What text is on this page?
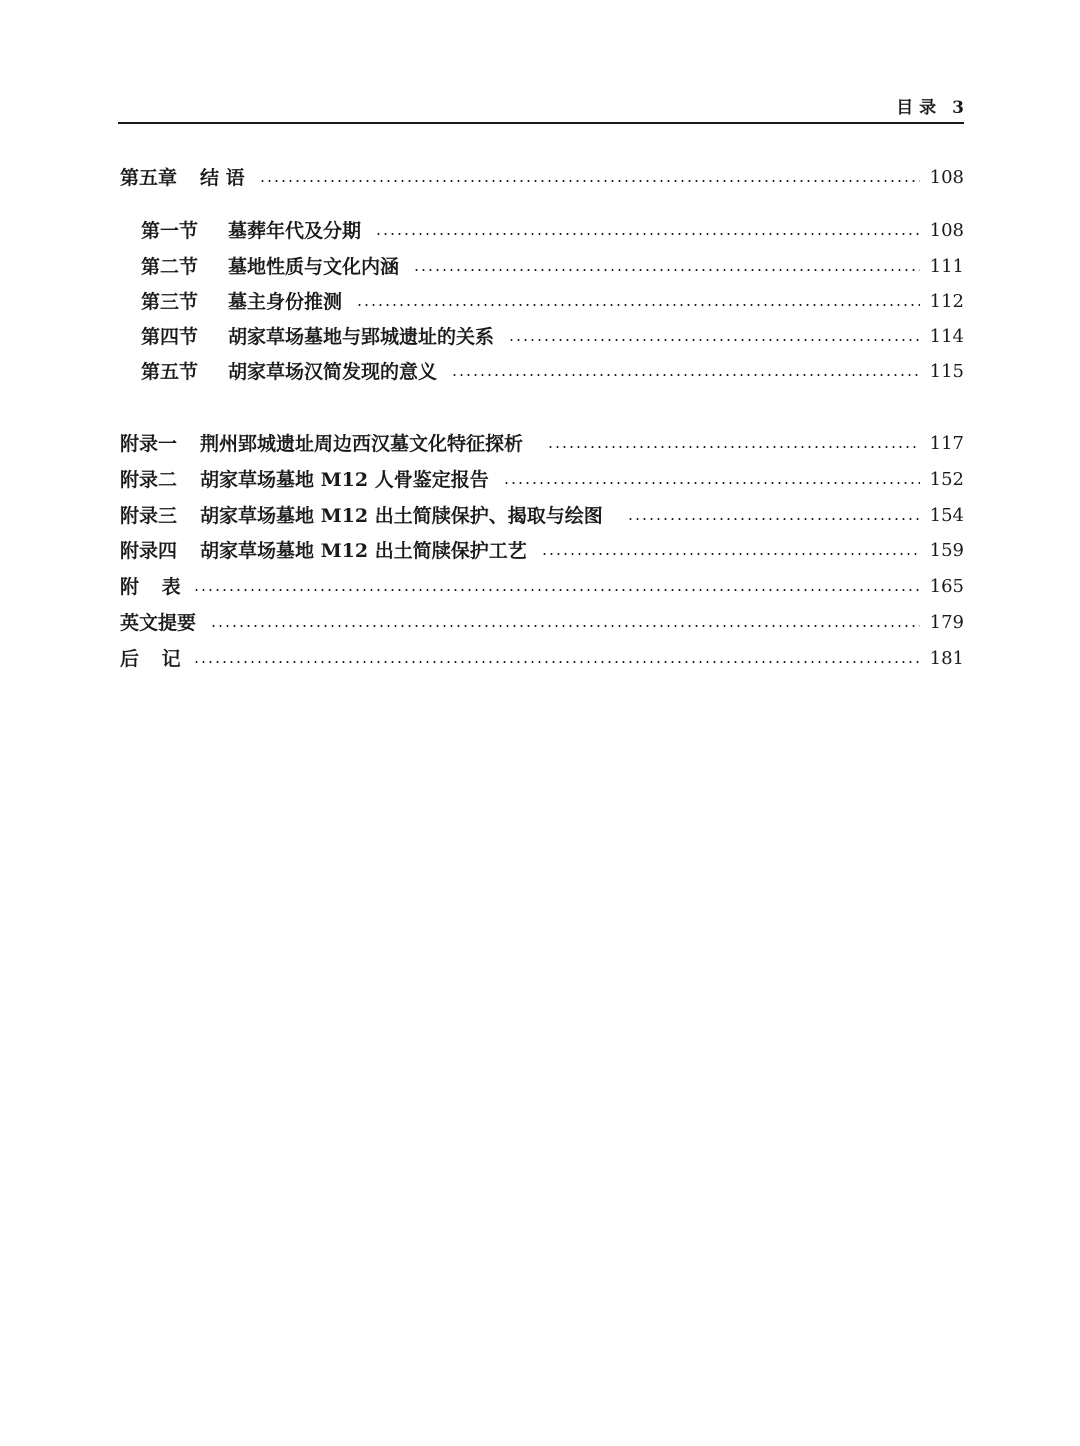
目 录 3
第五章	结 语	108
第一节	墓葬年代及分期	108
第二节	墓地性质与文化内涵	111
第三节	墓主身份推测	112
第四节	胡家草场墓地与郢城遗址的关系	114
第五节	胡家草场汉简发现的意义	115
附录一	荆州郢城遗址周边西汉墓文化特征探析	117
附录二	胡家草场墓地 M12 人骨鉴定报告	152
附录三	胡家草场墓地 M12 出土简牍保护、揭取与绘图	154
附录四	胡家草场墓地 M12 出土简牍保护工艺	159
附 表	165
英文提要	179
后 记	181
